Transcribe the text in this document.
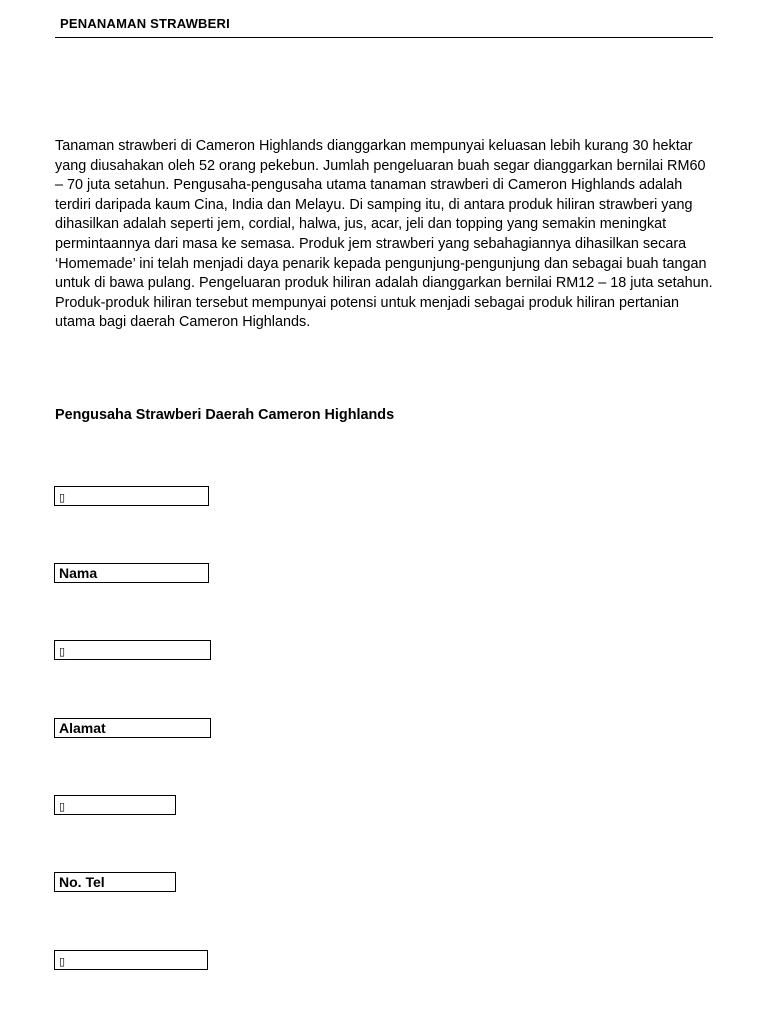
PENANAMAN STRAWBERI

Tanaman strawberi di Cameron Highlands dianggarkan mempunyai keluasan lebih kurang 30 hektar yang diusahakan oleh 52 orang pekebun. Jumlah pengeluaran buah segar dianggarkan bernilai RM60 – 70 juta setahun. Pengusaha-pengusaha utama tanaman strawberi di Cameron Highlands adalah terdiri daripada kaum Cina, India dan Melayu. Di samping itu, di antara produk hiliran strawberi yang dihasilkan adalah seperti jem, cordial, halwa, jus, acar, jeli dan topping yang semakin meningkat permintaannya dari masa ke semasa. Produk jem strawberi yang sebahagiannya dihasilkan secara ‘Homemade’ ini telah menjadi daya penarik kepada pengunjung-pengunjung dan sebagai buah tangan untuk di bawa pulang. Pengeluaran produk hiliran adalah dianggarkan bernilai RM12 – 18 juta setahun. Produk-produk hiliran tersebut mempunyai potensi untuk menjadi sebagai produk hiliran pertanian utama bagi daerah Cameron Highlands.

Pengusaha Strawberi Daerah Cameron Highlands
▯
Nama
▯
Alamat
▯
No. Tel
▯
